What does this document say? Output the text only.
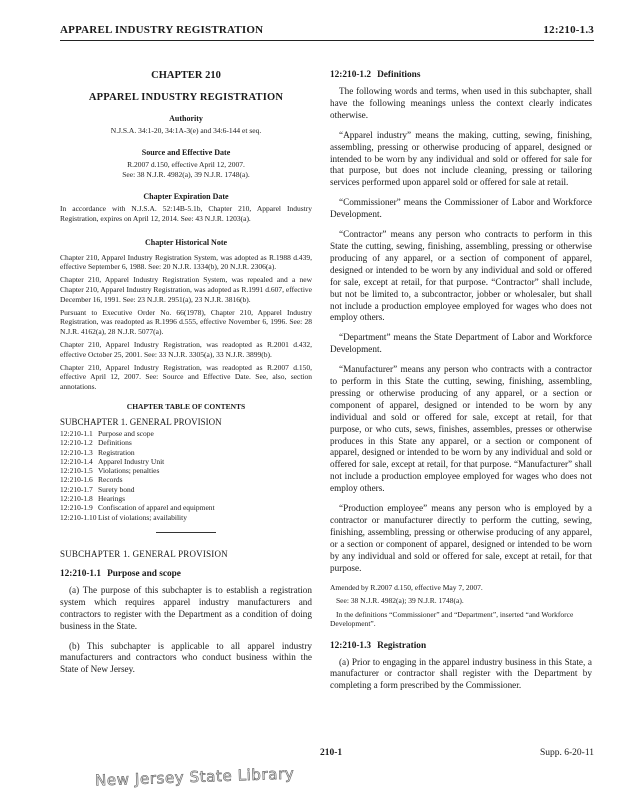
APPAREL INDUSTRY REGISTRATION	12:210-1.3

CHAPTER 210

APPAREL INDUSTRY REGISTRATION

Authority

N.J.S.A. 34:1-20, 34:1A-3(e) and 34:6-144 et seq.

Source and Effective Date

R.2007 d.150, effective April 12, 2007.

See: 38 N.J.R. 4982(a), 39 N.J.R. 1748(a).

Chapter Expiration Date

In accordance with N.J.S.A. 52:14B-5.1b, Chapter 210, Apparel Industry Registration, expires on April 12, 2014. See: 43 N.J.R. 1203(a).

Chapter Historical Note

Chapter 210, Apparel Industry Registration System, was adopted as R.1988 d.439, effective September 6, 1988. See: 20 N.J.R. 1334(b), 20 N.J.R. 2306(a).

Chapter 210, Apparel Industry Registration System, was repealed and a new Chapter 210, Apparel Industry Registration, was adopted as R.1991 d.607, effective December 16, 1991. See: 23 N.J.R. 2951(a), 23 N.J.R. 3816(b).

Pursuant to Executive Order No. 66(1978), Chapter 210, Apparel Industry Registration, was readopted as R.1996 d.555, effective November 6, 1996. See: 28 N.J.R. 4162(a), 28 N.J.R. 5077(a).

Chapter 210, Apparel Industry Registration, was readopted as R.2001 d.432, effective October 25, 2001. See: 33 N.J.R. 3305(a), 33 N.J.R. 3899(b).

Chapter 210, Apparel Industry Registration, was readopted as R.2007 d.150, effective April 12, 2007. See: Source and Effective Date. See, also, section annotations.

CHAPTER TABLE OF CONTENTS

SUBCHAPTER 1. GENERAL PROVISION

12:210-1.1 Purpose and scope
12:210-1.2 Definitions
12:210-1.3 Registration
12:210-1.4 Apparel Industry Unit
12:210-1.5 Violations; penalties
12:210-1.6 Records
12:210-1.7 Surety bond
12:210-1.8 Hearings
12:210-1.9 Confiscation of apparel and equipment
12:210-1.10 List of violations; availability

SUBCHAPTER 1. GENERAL PROVISION

12:210-1.1 Purpose and scope

(a) The purpose of this subchapter is to establish a registration system which requires apparel industry manufacturers and contractors to register with the Department as a condition of doing business in the State.

(b) This subchapter is applicable to all apparel industry manufacturers and contractors who conduct business within the State of New Jersey.

12:210-1.2 Definitions

The following words and terms, when used in this subchapter, shall have the following meanings unless the context clearly indicates otherwise.

“Apparel industry” means the making, cutting, sewing, finishing, assembling, pressing or otherwise producing of apparel, designed or intended to be worn by any individual and sold or offered for sale for that purpose, but does not include cleaning, pressing or tailoring services performed upon apparel sold or offered for sale at retail.

“Commissioner” means the Commissioner of Labor and Workforce Development.

“Contractor” means any person who contracts to perform in this State the cutting, sewing, finishing, assembling, pressing or otherwise producing of any apparel, or a section of component of apparel, designed or intended to be worn by any individual and sold or offered for sale, except at retail, for that purpose. “Contractor” shall include, but not be limited to, a subcontractor, jobber or wholesaler, but shall not include a production employee employed for wages who does not employ others.

“Department” means the State Department of Labor and Workforce Development.

“Manufacturer” means any person who contracts with a contractor to perform in this State the cutting, sewing, finishing, assembling, pressing or otherwise producing of any apparel, or a section or component of apparel, designed or intended to be worn by any individual and sold or offered for sale, except at retail, for that purpose, or who cuts, sews, finishes, assembles, presses or otherwise produces in this State any apparel, or a section or component of apparel, designed or intended to be worn by any individual and sold or offered for sale, except at retail, for that purpose. “Manufacturer” shall not include a production employee employed for wages who does not employ others.

“Production employee” means any person who is employed by a contractor or manufacturer directly to perform the cutting, sewing, finishing, assembling, pressing or otherwise producing of any apparel, or a section or component of apparel, designed or intended to be worn by any individual and sold or offered for sale, except at retail, for that purpose.

Amended by R.2007 d.150, effective May 7, 2007.

See: 38 N.J.R. 4982(a); 39 N.J.R. 1748(a).

In the definitions “Commissioner” and “Department”, inserted “and Workforce Development”.

12:210-1.3 Registration

(a) Prior to engaging in the apparel industry business in this State, a manufacturer or contractor shall register with the Department by completing a form prescribed by the Commissioner.

210-1	Supp. 6-20-11
New Jersey State Library
